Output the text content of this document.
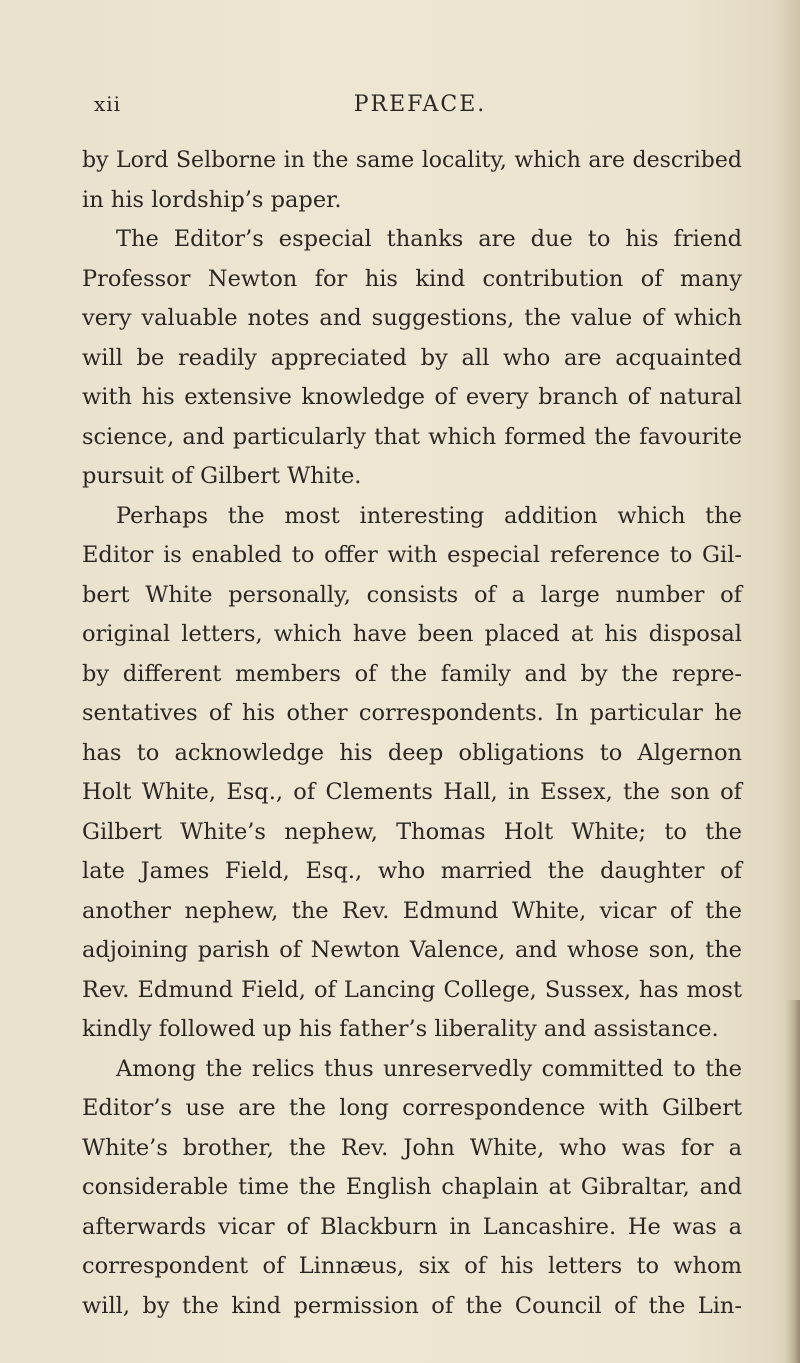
xii	PREFACE.
by Lord Selborne in the same locality, which are described
in his lordship’s paper.
The Editor’s especial thanks are due to his friend
Professor Newton for his kind contribution of many
very valuable notes and suggestions, the value of which
will be readily appreciated by all who are acquainted
with his extensive knowledge of every branch of natural
science, and particularly that which formed the favourite
pursuit of Gilbert White.
Perhaps the most interesting addition which the
Editor is enabled to offer with especial reference to Gil-
bert White personally, consists of a large number of
original letters, which have been placed at his disposal
by different members of the family and by the repre-
sentatives of his other correspondents. In particular he
has to acknowledge his deep obligations to Algernon
Holt White, Esq., of Clements Hall, in Essex, the son of
Gilbert White’s nephew, Thomas Holt White; to the
late James Field, Esq., who married the daughter of
another nephew, the Rev. Edmund White, vicar of the
adjoining parish of Newton Valence, and whose son, the
Rev. Edmund Field, of Lancing College, Sussex, has most
kindly followed up his father’s liberality and assistance.
Among the relics thus unreservedly committed to the
Editor’s use are the long correspondence with Gilbert
White’s brother, the Rev. John White, who was for a
considerable time the English chaplain at Gibraltar, and
afterwards vicar of Blackburn in Lancashire. He was a
correspondent of Linnæus, six of his letters to whom
will, by the kind permission of the Council of the Lin-
